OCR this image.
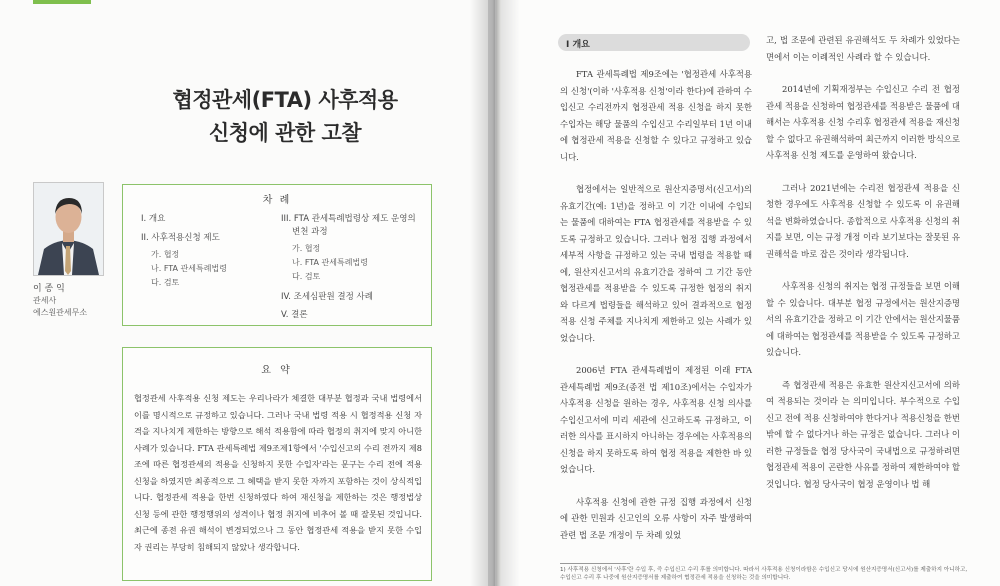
협정관세(FTA) 사후적용
신청에 관한 고찰
이 종 익
관세사
에스원관세무소
차 례
I. 개요
II. 사후적용신청 제도
가. 협정
나. FTA 관세특례법령
다. 검토
III. FTA 관세특례법령상 제도 운영의
변천 과정
가. 협정
나. FTA 관세특례법령
다. 검토
IV. 조세심판원 결정 사례
V. 결론
요 약
협정관세 사후적용 신청 제도는 우리나라가 체결한 대부분 협정과 국내 법령에서 이를 명시적으로 규정하고 있습니다. 그러나 국내 법령 적용 시 협정적용 신청 자격을 지나치게 제한하는 방향으로 해석 적용함에 따라 협정의 취지에 맞지 아니한 사례가 있습니다. FTA 관세특례법 제9조제1항에서 '수입신고의 수리 전까지 제8조에 따른 협정관세의 적용을 신청하지 못한 수입자'라는 문구는 수리 전에 적용신청을 하였지만 최종적으로 그 혜택을 받지 못한 자까지 포함하는 것이 상식적입니다. 협정관세 적용을 한번 신청하였다 하여 재신청을 제한하는 것은 행정법상 신청 등에 관한 행정행위의 성격이나 협정 취지에 비추어 볼 때 잘못된 것입니다. 최근에 종전 유권 해석이 변경되었으나 그 동안 협정관세 적용을 받지 못한 수입자 권리는 부당히 침해되지 않았나 생각합니다.
I 개요

FTA 관세특례법 제9조에는 '협정관세 사후적용의 신청'(이하 '사후적용 신청'이라 한다)에 관하여 수입신고 수리전까지 협정관세 적용 신청을 하지 못한 수입자는 해당 물품의 수입신고 수리일부터 1년 이내에 협정관세 적용을 신청할 수 있다고 규정하고 있습니다.

협정에서는 일반적으로 원산지증명서(신고서)의 유효기간(예: 1년)을 정하고 이 기간 이내에 수입되는 물품에 대하여는 FTA 협정관세를 적용받을 수 있도록 규정하고 있습니다. 그러나 협정 집행 과정에서 세부적 사항을 규정하고 있는 국내 법령을 적용할 때에, 원산지신고서의 유효기간을 정하여 그 기간 동안 협정관세를 적용받을 수 있도록 규정한 협정의 취지와 다르게 법령들을 해석하고 있어 결과적으로 협정 적용 신청 주체를 지나치게 제한하고 있는 사례가 있었습니다.

2006년 FTA 관세특례법이 제정된 이래 FTA 관세특례법 제9조(종전 법 제10조)에서는 수입자가 사후적용 신청을 원하는 경우, 사후적용 신청 의사를 수입신고서에 미리 세관에 신고하도록 규정하고, 이러한 의사를 표시하지 아니하는 경우에는 사후적용의 신청을 하지 못하도록 하여 협정 적용을 제한한 바 있었습니다.

사후적용 신청에 관한 규정 집행 과정에서 신청에 관한 민원과 신고인의 오류 사항이 자주 발생하여 관련 법 조문 개정이 두 차례 있었

고, 법 조문에 관련된 유권해석도 두 차례가 있었다는 면에서 이는 이례적인 사례라 할 수 있습니다.

2014년에 기획재정부는 수입신고 수리 전 협정관세 적용을 신청하여 협정관세를 적용받은 물품에 대해서는 사후적용 신청 수리후 협정관세 적용을 재신청할 수 없다고 유권해석하여 최근까지 이러한 방식으로 사후적용 신청 제도를 운영하여 왔습니다.

그러나 2021년에는 수리전 협정관세 적용을 신청한 경우에도 사후적용 신청할 수 있도록 이 유권해석을 변화하였습니다. 종합적으로 사후적용 신청의 취지를 보면, 이는 규정 개정 이라 보기보다는 잘못된 유권해석을 바로 잡은 것이라 생각됩니다.

사후적용 신청의 취지는 협정 규정들을 보면 이해할 수 있습니다. 대부분 협정 규정에서는 원산지증명서의 유효기간을 정하고 이 기간 안에서는 원산지물품에 대하여는 협정관세를 적용받을 수 있도록 규정하고 있습니다.

즉 협정관세 적용은 유효한 원산지신고서에 의하여 적용되는 것이라 는 의미입니다. 부수적으로 수입신고 전에 적용 신청하여야 한다거나 적용신청을 한번 밖에 할 수 없다거나 하는 규정은 없습니다. 그러나 이러한 규정들을 협정 당사국이 국내법으로 규정하려면 협정관세 적용이 곤란한 사유를 정하여 제한하여야 할 것입니다. 협정 당사국이 협정 운영이나 법 해

1) 사후적용 신청에서 '사후'란 수입 후, 즉 수입신고 수리 후를 의미합니다. 따라서 사후적용 신청이라함은 수입신고 당시에 원산지증명서(신고서)를 제출하지 아니하고, 수입신고 수리 후 나중에 원산지증명서를 제출하여 협정관세 적용을 신청하는 것을 의미합니다.
